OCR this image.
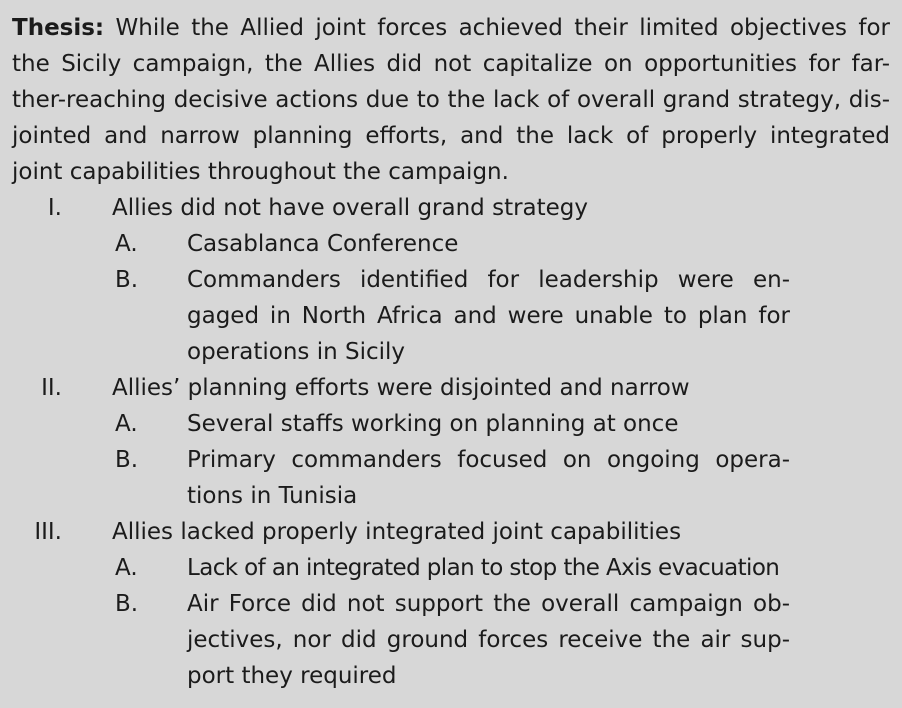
Thesis: While the Allied joint forces achieved their limited objectives for the Sicily campaign, the Allies did not capitalize on opportunities for far-ther-reaching decisive actions due to the lack of overall grand strategy, dis-jointed and narrow planning efforts, and the lack of properly integrated joint capabilities throughout the campaign.

I. Allies did not have overall grand strategy
A. Casablanca Conference
B. Commanders identified for leadership were en-gaged in North Africa and were unable to plan for operations in Sicily
II. Allies’ planning efforts were disjointed and narrow
A. Several staffs working on planning at once
B. Primary commanders focused on ongoing opera-tions in Tunisia
III. Allies lacked properly integrated joint capabilities
A. Lack of an integrated plan to stop the Axis evacuation
B. Air Force did not support the overall campaign ob-jectives, nor did ground forces receive the air sup-port they required
